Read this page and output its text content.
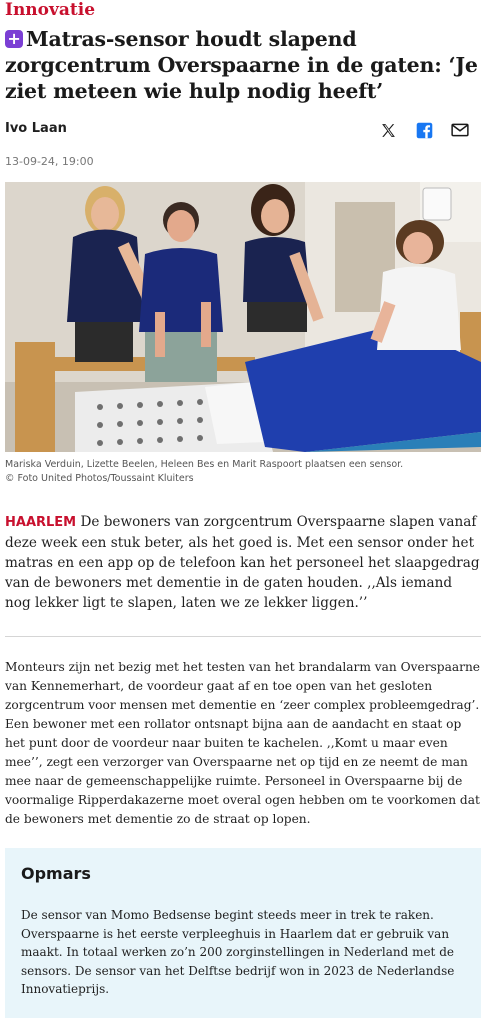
Innovatie
+ Matras-sensor houdt slapend zorgcentrum Overspaarne in de gaten: ‘Je ziet meteen wie hulp nodig heeft’
Ivo Laan
13-09-24, 19:00
Mariska Verduin, Lizette Beelen, Heleen Bes en Marit Raspoort plaatsen een sensor.
© Foto United Photos/Toussaint Kluiters

HAARLEM De bewoners van zorgcentrum Overspaarne slapen vanaf deze week een stuk beter, als het goed is. Met een sensor onder het matras en een app op de telefoon kan het personeel het slaapgedrag van de bewoners met dementie in de gaten houden. ,,Als iemand nog lekker ligt te slapen, laten we ze lekker liggen.’’

Monteurs zijn net bezig met het testen van het brandalarm van Overspaarne van Kennemerhart, de voordeur gaat af en toe open van het gesloten zorgcentrum voor mensen met dementie en ‘zeer complex probleemgedrag’. Een bewoner met een rollator ontsnapt bijna aan de aandacht en staat op het punt door de voordeur naar buiten te kachelen. ,,Komt u maar even mee’’, zegt een verzorger van Overspaarne net op tijd en ze neemt de man mee naar de gemeenschappelijke ruimte. Personeel in Overspaarne bij de voormalige Ripperdakazerne moet overal ogen hebben om te voorkomen dat de bewoners met dementie zo de straat op lopen.

Opmars

De sensor van Momo Bedsense begint steeds meer in trek te raken. Overspaarne is het eerste verpleeghuis in Haarlem dat er gebruik van maakt. In totaal werken zo’n 200 zorginstellingen in Nederland met de sensors. De sensor van het Delftse bedrijf won in 2023 de Nederlandse Innovatieprijs.
